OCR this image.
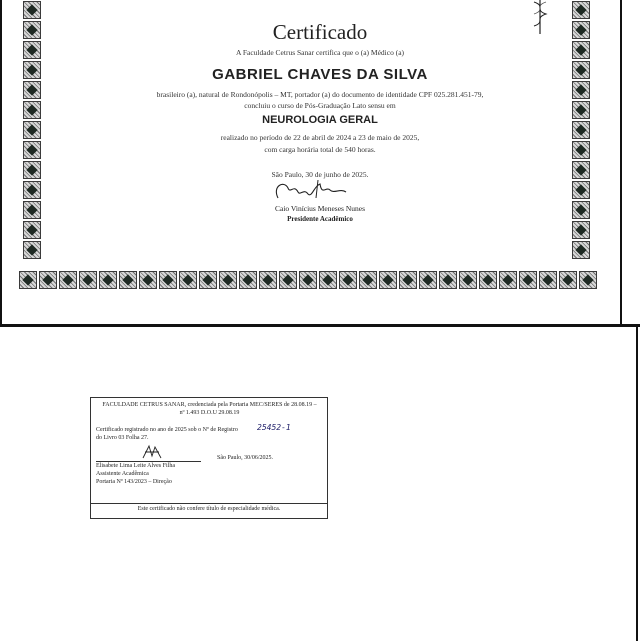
Certificado
A Faculdade Cetrus Sanar certifica que o (a) Médico (a)
GABRIEL CHAVES DA SILVA
brasileiro (a), natural de Rondonópolis – MT, portador (a) do documento de identidade CPF 025.281.451-79,
concluiu o curso de Pós-Graduação Lato sensu em
NEUROLOGIA GERAL
realizado no período de 22 de abril de 2024 a 23 de maio de 2025,
com carga horária total de 540 horas.
São Paulo, 30 de junho de 2025.
Caio Vinícius Meneses Nunes
Presidente Acadêmico
FACULDADE CETRUS SANAR, credenciada pela Portaria MEC/SERES de 28.08.19 –
nº 1.493 D.O.U 29.08.19
Certificado registrado no ano de 2025 sob o Nº de Registro 25452-1
do Livro 03 Folha 27.
São Paulo, 30/06/2025.
Elisabete Lima Leite Alves Filha
Assistente Acadêmica
Portaria Nº 143/2023 – Direção
Este certificado não confere título de especialidade médica.
